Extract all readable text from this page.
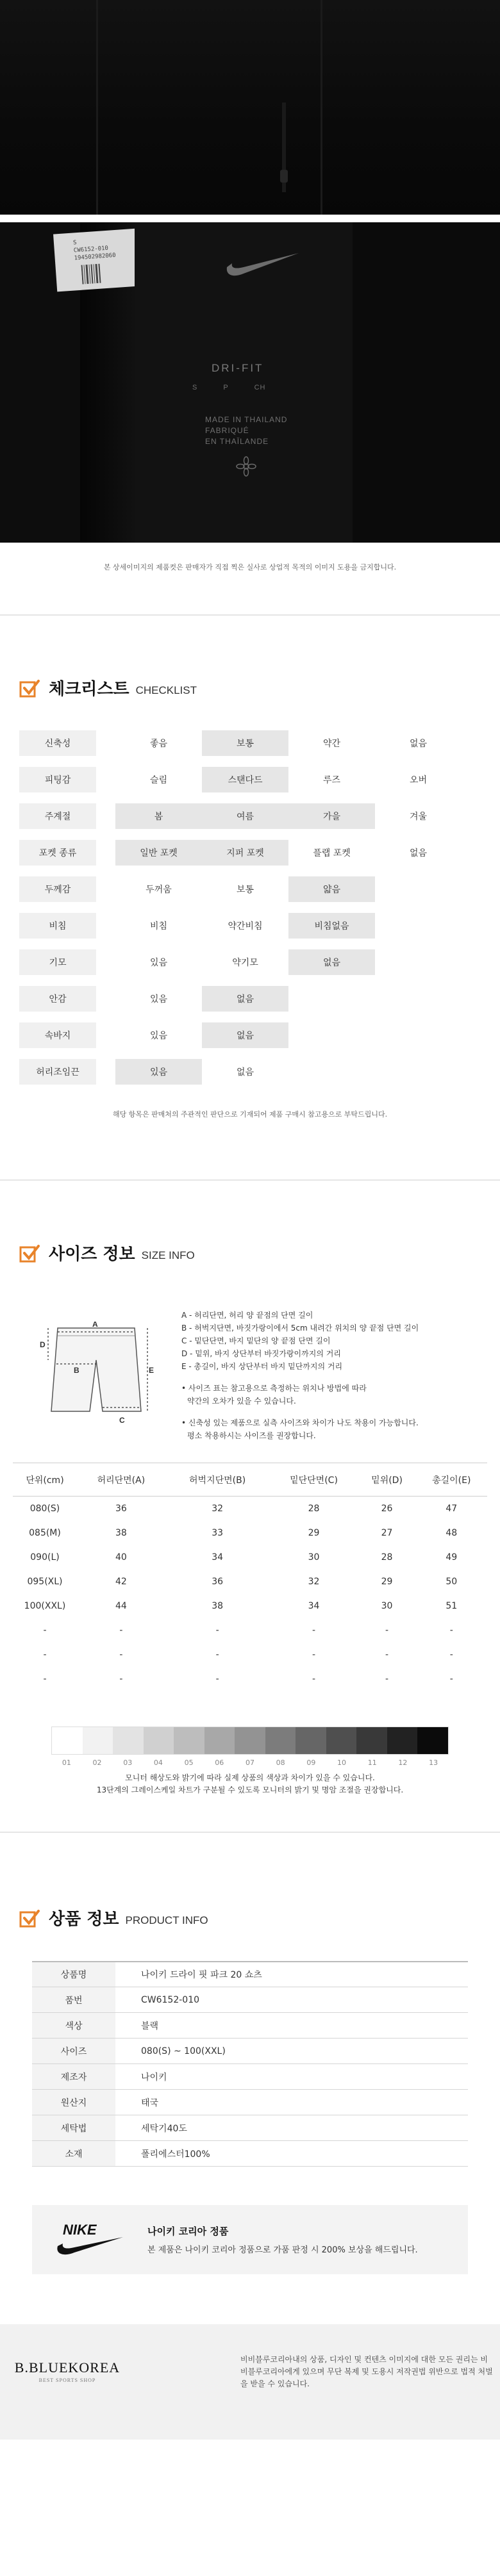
S
CW6152-010
194502982060
DRI-FIT
S P CH
MADE IN THAILAND
FABRIQUÉ
EN THAÏLANDE
본 상세이미지의 제품컷은 판매자가 직접 찍은 실사로 상업적 목적의 이미지 도용을 금지합니다.
체크리스트 CHECKLIST
신축성	좋음	보통	약간	없음
피팅감	슬림	스탠다드	루즈	오버
주계절	봄	여름	가을	겨울
포켓 종류	일반 포켓	지퍼 포켓	플랩 포켓	없음
두께감	두꺼움	보통	얇음
비침	비침	약간비침	비침없음
기모	있음	약기모	없음
안감	있음	없음
속바지	있음	없음
허리조임끈	있음	없음
해당 항목은 판매처의 주관적인 판단으로 기재되어 제품 구매시 참고용으로 부탁드립니다.
사이즈 정보 SIZE INFO
A
B
C
D
E
A - 허리단면, 허리 양 끝점의 단면 길이
B - 허벅지단면, 바짓가랑이에서 5cm 내려간 위치의 양 끝점 단면 길이
C - 밑단단면, 바지 밑단의 양 끝점 단면 길이
D - 밑위, 바지 상단부터 바짓가랑이까지의 거리
E - 총길이, 바지 상단부터 바지 밑단까지의 거리
• 사이즈 표는 참고용으로 측정하는 위치나 방법에 따라
약간의 오차가 있을 수 있습니다.
• 신축성 있는 제품으로 실측 사이즈와 차이가 나도 착용이 가능합니다.
평소 착용하시는 사이즈를 권장합니다.
단위(cm)	허리단면(A)	허벅지단면(B)	밑단단면(C)	밑위(D)	총길이(E)
080(S)	36	32	28	26	47
085(M)	38	33	29	27	48
090(L)	40	34	30	28	49
095(XL)	42	36	32	29	50
100(XXL)	44	38	34	30	51
-	-	-	-	-	-
-	-	-	-	-	-
-	-	-	-	-	-
01	02	03	04	05	06	07	08	09	10	11	12	13
모니터 해상도와 밝기에 따라 실제 상품의 색상과 차이가 있을 수 있습니다.
13단계의 그레이스케일 차트가 구분될 수 있도록 모니터의 밝기 및 명암 조절을 권장합니다.
상품 정보 PRODUCT INFO
상품명	나이키 드라이 핏 파크 20 쇼츠
품번	CW6152-010
색상	블랙
사이즈	080(S) ~ 100(XXL)
제조자	나이키
원산지	태국
세탁법	세탁기40도
소재	폴리에스터100%
NIKE	나이키 코리아 정품
본 제품은 나이키 코리아 정품으로 가품 판정 시 200% 보상을 해드립니다.
B.BLUEKOREA
BEST SPORTS SHOP
비비블루코리아내의 상품, 디자인 및 컨텐츠 이미지에 대한 모든 권리는 비비블루코리아에게 있으며 무단 복제 및 도용시 저작권법 위반으로 법적 처벌을 받을 수 있습니다.
